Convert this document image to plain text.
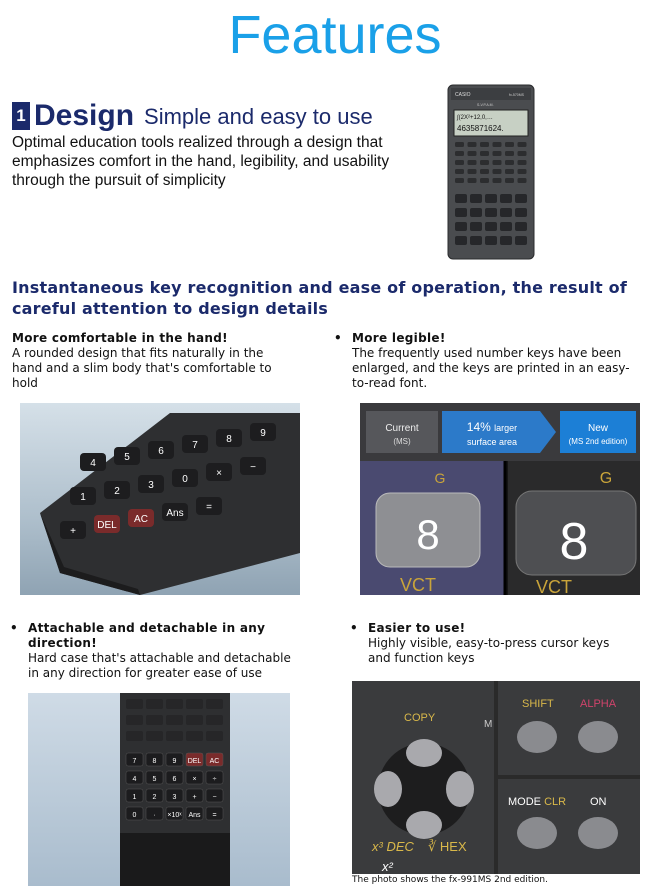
Features
1 Design Simple and easy to use
Optimal education tools realized through a design that
emphasizes comfort in the hand, legibility, and usability
through the pursuit of simplicity
CASIO	fx-570MS
S-V.P.A.M.
∫(2X²+12,0,…
4635871624.
Instantaneous key recognition and ease of operation, the result of
careful attention to design details
More comfortable in the hand!
A rounded design that fits naturally in the
hand and a slim body that's comfortable to
hold
• More legible!
The frequently used number keys have been
enlarged, and the keys are printed in an easy-
to-read font.
• Attachable and detachable in any
direction!
Hard case that's attachable and detachable
in any direction for greater ease of use
• Easier to use!
Highly visible, easy-to-press cursor keys
and function keys
4
5
6
7
8
9
1
2
3
0
×
−
+
DEL
AC
Ans
=
Current
(MS)
14% larger
surface area
New
(MS 2nd edition)
G
8
VCT
G
8
VCT
7 8 9 DEL AC
4 5 6 × ÷
1 2 3 + −
0 · ×10ˣ Ans =
COPY
M
x³ DEC ∛ HEX
x²
SHIFT ALPHA
MODE CLR ON
The photo shows the fx-991MS 2nd edition.
